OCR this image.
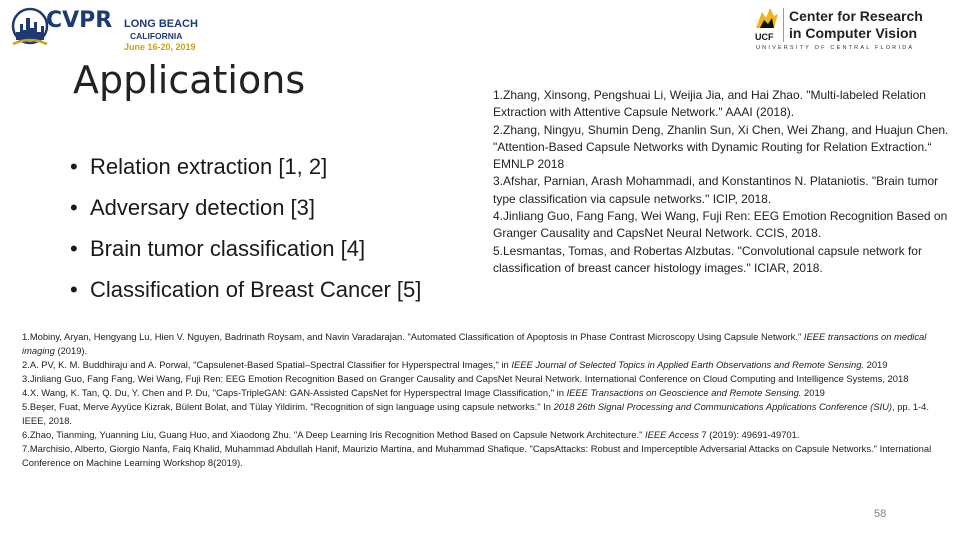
CVPR LONG BEACH
CALIFORNIA
June 16-20, 2019
UCF
Center for Research
in Computer Vision
UNIVERSITY OF CENTRAL FLORIDA
Applications
• Relation extraction [1, 2]
• Adversary detection [3]
• Brain tumor classification [4]
• Classification of Breast Cancer [5]

1.Zhang, Xinsong, Pengshuai Li, Weijia Jia, and Hai Zhao. "Multi-labeled Relation Extraction with Attentive Capsule Network." AAAI (2018).

2.Zhang, Ningyu, Shumin Deng, Zhanlin Sun, Xi Chen, Wei Zhang, and Huajun Chen. "Attention-Based Capsule Networks with Dynamic Routing for Relation Extraction.“ EMNLP 2018

3.Afshar, Parnian, Arash Mohammadi, and Konstantinos N. Plataniotis. "Brain tumor type classification via capsule networks." ICIP, 2018.

4.Jinliang Guo, Fang Fang, Wei Wang, Fuji Ren: EEG Emotion Recognition Based on Granger Causality and CapsNet Neural Network. CCIS, 2018.

5.Lesmantas, Tomas, and Robertas Alzbutas. "Convolutional capsule network for classification of breast cancer histology images." ICIAR, 2018.

1.Mobiny, Aryan, Hengyang Lu, Hien V. Nguyen, Badrinath Roysam, and Navin Varadarajan. "Automated Classification of Apoptosis in Phase Contrast Microscopy Using Capsule Network." IEEE transactions on medical imaging (2019).

2.A. PV, K. M. Buddhiraju and A. Porwal, "Capsulenet-Based Spatial–Spectral Classifier for Hyperspectral Images," in IEEE Journal of Selected Topics in Applied Earth Observations and Remote Sensing. 2019

3.Jinliang Guo, Fang Fang, Wei Wang, Fuji Ren: EEG Emotion Recognition Based on Granger Causality and CapsNet Neural Network. International Conference on Cloud Computing and Intelligence Systems, 2018

4.X. Wang, K. Tan, Q. Du, Y. Chen and P. Du, "Caps-TripleGAN: GAN-Assisted CapsNet for Hyperspectral Image Classification," in IEEE Transactions on Geoscience and Remote Sensing. 2019

5.Beşer, Fuat, Merve Ayyüce Kizrak, Bülent Bolat, and Tülay Yildirim. "Recognition of sign language using capsule networks." In 2018 26th Signal Processing and Communications Applications Conference (SIU), pp. 1-4. IEEE, 2018.

6.Zhao, Tianming, Yuanning Liu, Guang Huo, and Xiaodong Zhu. "A Deep Learning Iris Recognition Method Based on Capsule Network Architecture." IEEE Access 7 (2019): 49691-49701.

7.Marchisio, Alberto, Giorgio Nanfa, Faiq Khalid, Muhammad Abdullah Hanif, Maurizio Martina, and Muhammad Shafique. "CapsAttacks: Robust and Imperceptible Adversarial Attacks on Capsule Networks." International Conference on Machine Learning Workshop 8(2019).

58
